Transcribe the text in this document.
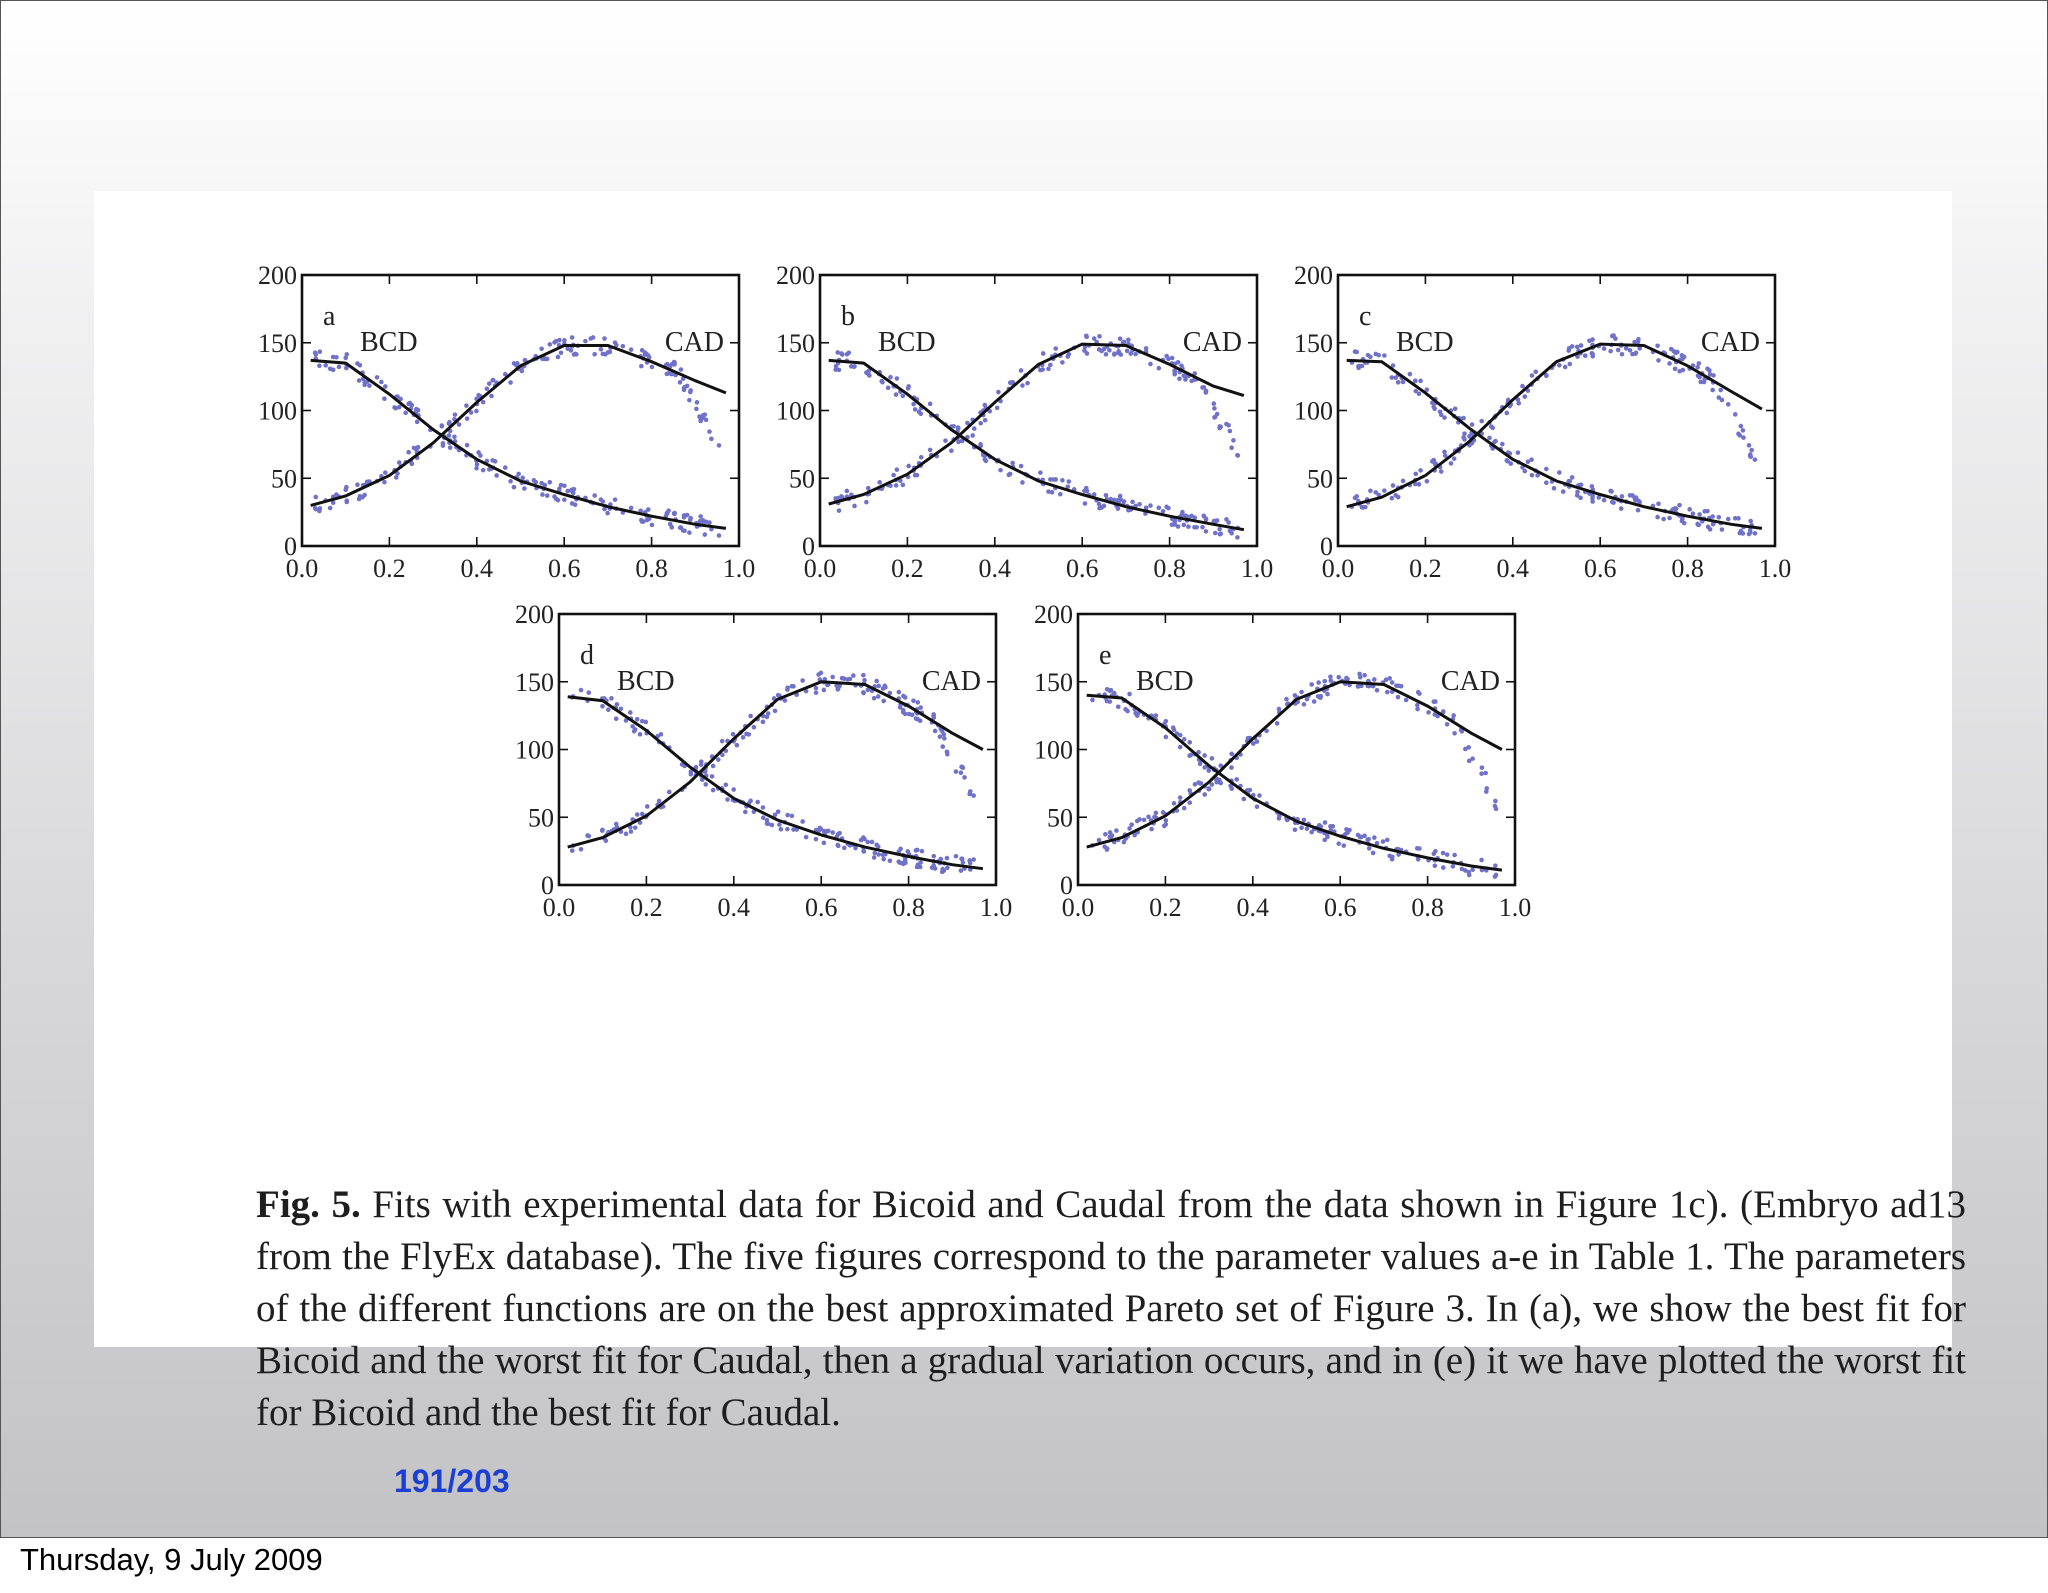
0.0 0.2 0.4 0.6 0.8 1.0
0
50
100
150
200
a
BCD	CAD
0.0 0.2 0.4 0.6 0.8 1.0
0
50
100
150
200
b
BCD	CAD
0.0 0.2 0.4 0.6 0.8 1.0
0
50
100
150
200
c
BCD	CAD
0.0 0.2 0.4 0.6 0.8 1.0
0
50
100
150
200
d
BCD	CAD
0.0 0.2 0.4 0.6 0.8 1.0
0
50
100
150
200
e
BCD	CAD
Fig. 5. Fits with experimental data for Bicoid and Caudal from the data shown in Figure 1c). (Embryo ad13 from the FlyEx database). The five figures correspond to the parameter values a-e in Table 1. The parameters of the different functions are on the best approximated Pareto set of Figure 3. In (a), we show the best fit for Bicoid and the worst fit for Caudal, then a gradual variation occurs, and in (e) it we have plotted the worst fit for Bicoid and the best fit for Caudal.
191/203
Thursday, 9 July 2009
